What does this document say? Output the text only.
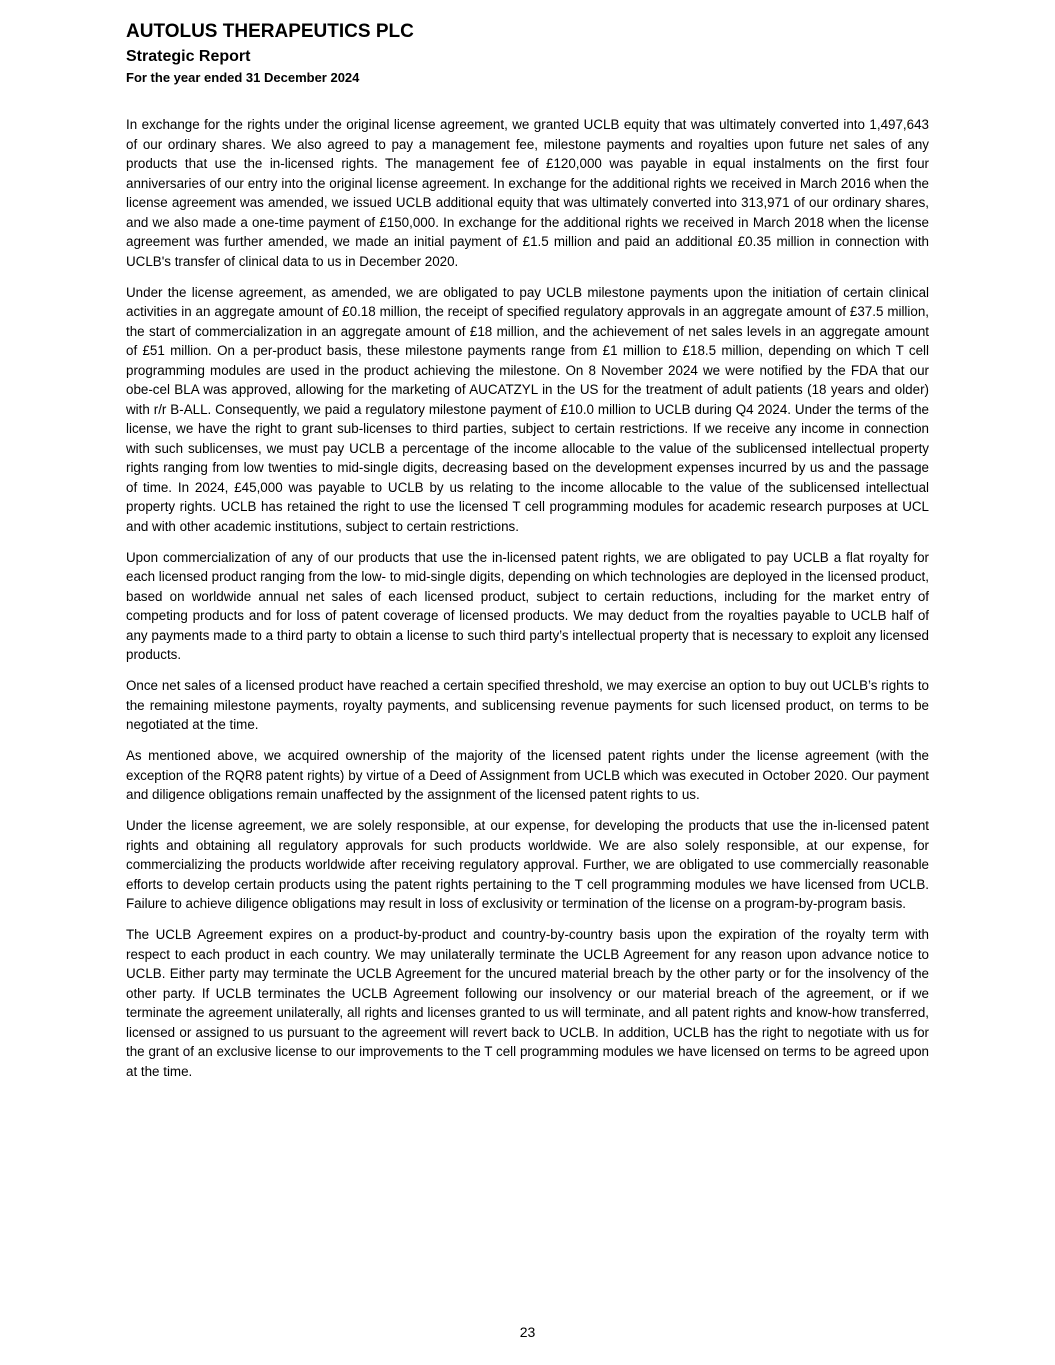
AUTOLUS THERAPEUTICS PLC
Strategic Report
For the year ended 31 December 2024

In exchange for the rights under the original license agreement, we granted UCLB equity that was ultimately converted into 1,497,643 of our ordinary shares. We also agreed to pay a management fee, milestone payments and royalties upon future net sales of any products that use the in-licensed rights. The management fee of £120,000 was payable in equal instalments on the first four anniversaries of our entry into the original license agreement. In exchange for the additional rights we received in March 2016 when the license agreement was amended, we issued UCLB additional equity that was ultimately converted into 313,971 of our ordinary shares, and we also made a one-time payment of £150,000. In exchange for the additional rights we received in March 2018 when the license agreement was further amended, we made an initial payment of £1.5 million and paid an additional £0.35 million in connection with UCLB's transfer of clinical data to us in December 2020.

Under the license agreement, as amended, we are obligated to pay UCLB milestone payments upon the initiation of certain clinical activities in an aggregate amount of £0.18 million, the receipt of specified regulatory approvals in an aggregate amount of £37.5 million, the start of commercialization in an aggregate amount of £18 million, and the achievement of net sales levels in an aggregate amount of £51 million. On a per-product basis, these milestone payments range from £1 million to £18.5 million, depending on which T cell programming modules are used in the product achieving the milestone. On 8 November 2024 we were notified by the FDA that our obe-cel BLA was approved, allowing for the marketing of AUCATZYL in the US for the treatment of adult patients (18 years and older) with r/r B-ALL. Consequently, we paid a regulatory milestone payment of £10.0 million to UCLB during Q4 2024. Under the terms of the license, we have the right to grant sub-licenses to third parties, subject to certain restrictions. If we receive any income in connection with such sublicenses, we must pay UCLB a percentage of the income allocable to the value of the sublicensed intellectual property rights ranging from low twenties to mid-single digits, decreasing based on the development expenses incurred by us and the passage of time. In 2024, £45,000 was payable to UCLB by us relating to the income allocable to the value of the sublicensed intellectual property rights. UCLB has retained the right to use the licensed T cell programming modules for academic research purposes at UCL and with other academic institutions, subject to certain restrictions.

Upon commercialization of any of our products that use the in-licensed patent rights, we are obligated to pay UCLB a flat royalty for each licensed product ranging from the low- to mid-single digits, depending on which technologies are deployed in the licensed product, based on worldwide annual net sales of each licensed product, subject to certain reductions, including for the market entry of competing products and for loss of patent coverage of licensed products. We may deduct from the royalties payable to UCLB half of any payments made to a third party to obtain a license to such third party’s intellectual property that is necessary to exploit any licensed products.

Once net sales of a licensed product have reached a certain specified threshold, we may exercise an option to buy out UCLB’s rights to the remaining milestone payments, royalty payments, and sublicensing revenue payments for such licensed product, on terms to be negotiated at the time.

As mentioned above, we acquired ownership of the majority of the licensed patent rights under the license agreement (with the exception of the RQR8 patent rights) by virtue of a Deed of Assignment from UCLB which was executed in October 2020. Our payment and diligence obligations remain unaffected by the assignment of the licensed patent rights to us.

Under the license agreement, we are solely responsible, at our expense, for developing the products that use the in-licensed patent rights and obtaining all regulatory approvals for such products worldwide. We are also solely responsible, at our expense, for commercializing the products worldwide after receiving regulatory approval. Further, we are obligated to use commercially reasonable efforts to develop certain products using the patent rights pertaining to the T cell programming modules we have licensed from UCLB. Failure to achieve diligence obligations may result in loss of exclusivity or termination of the license on a program-by-program basis.

The UCLB Agreement expires on a product-by-product and country-by-country basis upon the expiration of the royalty term with respect to each product in each country. We may unilaterally terminate the UCLB Agreement for any reason upon advance notice to UCLB. Either party may terminate the UCLB Agreement for the uncured material breach by the other party or for the insolvency of the other party. If UCLB terminates the UCLB Agreement following our insolvency or our material breach of the agreement, or if we terminate the agreement unilaterally, all rights and licenses granted to us will terminate, and all patent rights and know-how transferred, licensed or assigned to us pursuant to the agreement will revert back to UCLB. In addition, UCLB has the right to negotiate with us for the grant of an exclusive license to our improvements to the T cell programming modules we have licensed on terms to be agreed upon at the time.

23
